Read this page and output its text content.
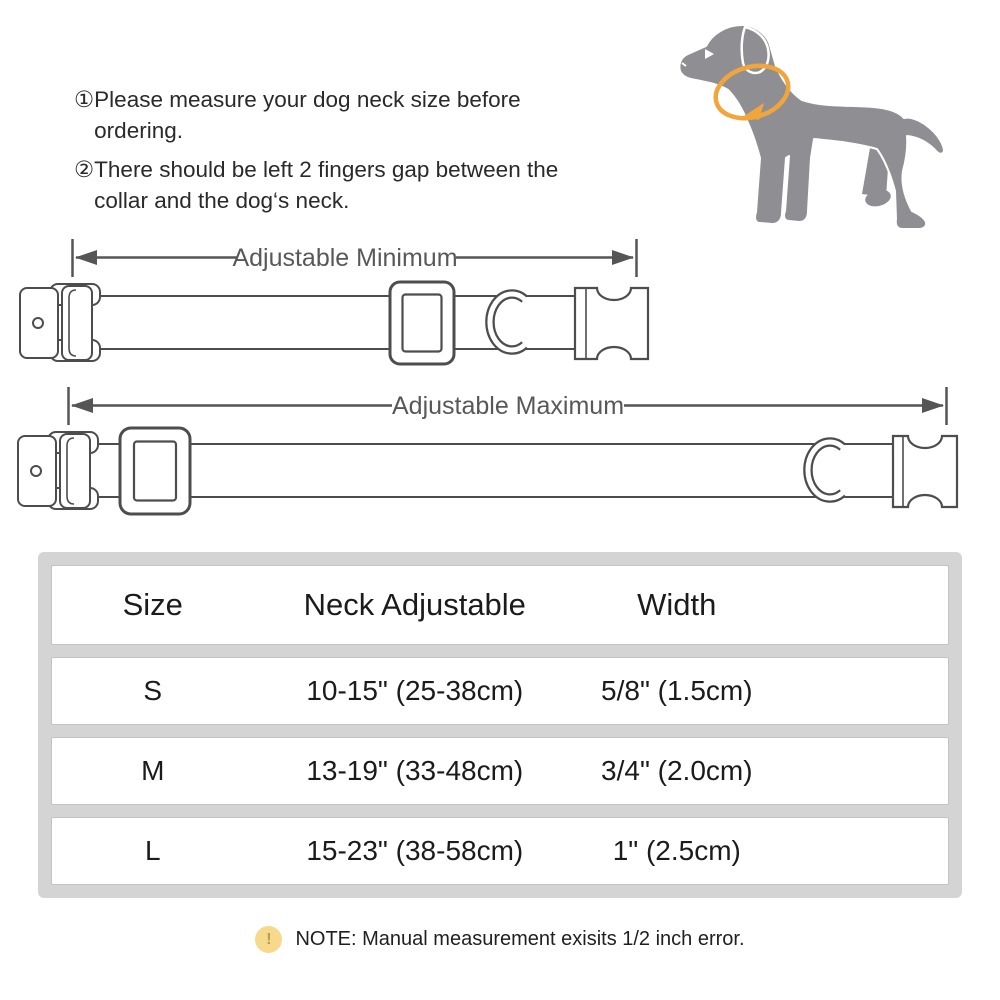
① Please measure your dog neck size before ordering.
② There should be left 2 fingers gap between the
collar and the dog‘s neck.
Adjustable Minimum
Adjustable Maximum
Size	Neck Adjustable	Width
S	10-15" (25-38cm)	5/8" (1.5cm)
M	13-19" (33-48cm)	3/4" (2.0cm)
L	15-23" (38-58cm)	1" (2.5cm)
!	NOTE: Manual measurement exisits 1/2 inch error.
